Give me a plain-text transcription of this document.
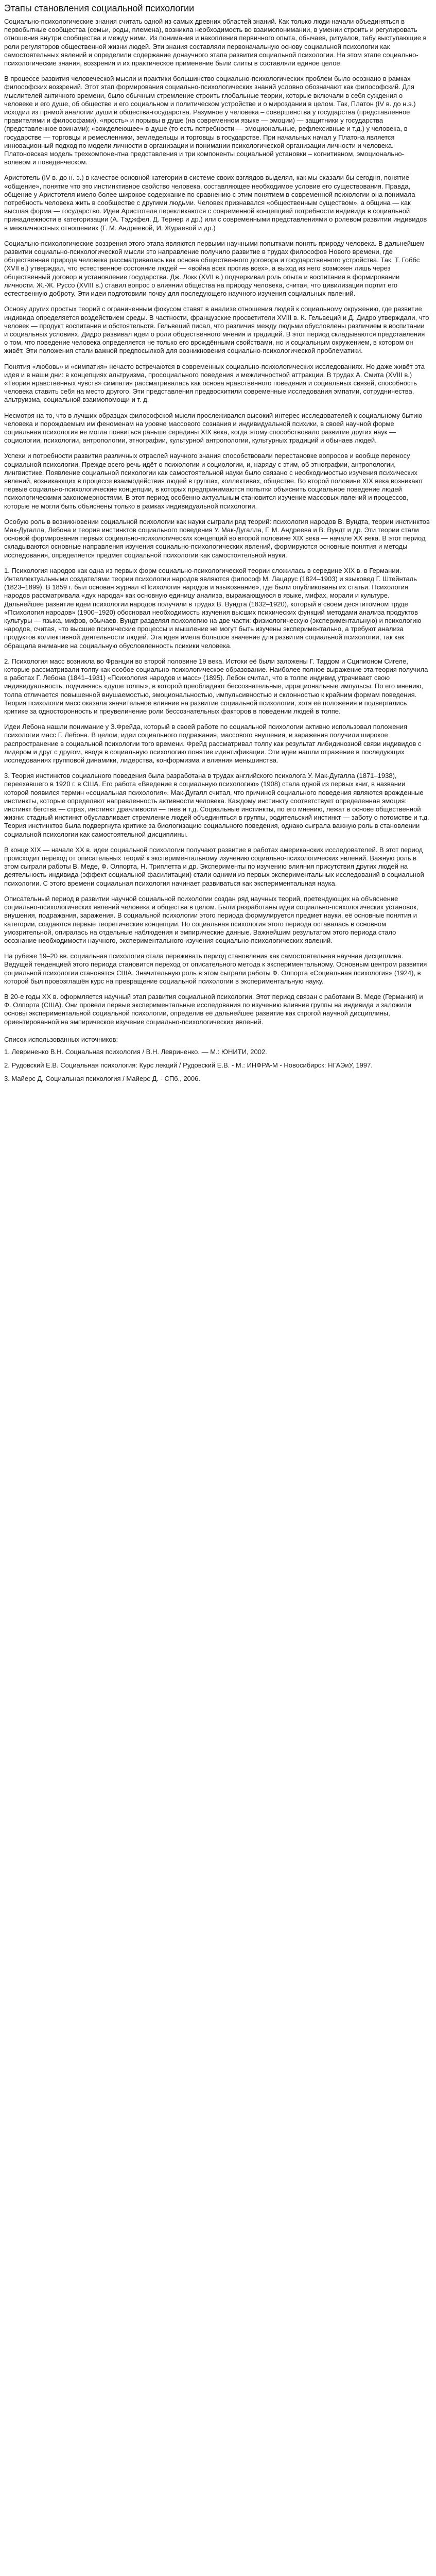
Этапы становления социальной психологии

Социально-психологические знания считать одной из самых древних областей знаний. Как только люди начали объединяться в первобытные сообщества (семьи, роды, племена), возникла необходимость во взаимопонимании, в умении строить и регулировать отношения внутри сообщества и между ними. Из понимания и накопления первичного опыта, обычаев, ритуалов, табу выступающие в роли регуляторов общественной жизни людей. Эти знания составляли первоначальную основу социальной психологии как самостоятельных явлений и определили содержание донаучного этапа развития социальной психологии. На этом этапе социально-психологические знания, воззрения и их практическое применение были слиты в составляли единое целое.

В процессе развития человеческой мысли и практики большинство социально-психологических проблем было осознано в рамках философских воззрений. Этот этап формирования социально-психологических знаний условно обозначают как философский. Для мыслителей античного времени, было обычным стремление строить глобальные теории, которые включали в себя суждения о человеке и его душе, об обществе и его социальном и политическом устройстве и о мироздании в целом. Так, Платон (IV в. до н.э.) исходил из прямой аналогии души и общества-государства. Разумное у человека – совершенства у государства (представленное правителями и философами), «ярость» и порывы в душе (на современном языке — эмоции) — защитники у государства (представленное воинами); «вожделеющее» в душе (то есть потребности — эмоциональные, рефлексивные и т.д.) у человека, в государстве — торговцы и ремесленники, земледельцы и торговцы в государстве. При начальных начал у Платона является инновационный подход по модели личности в организации и понимании психологической организации личности и человека. Платоновская модель трехкомпонентна представления и три компоненты социальной установки – когнитивном, эмоционально-волевом и поведенческом.

Аристотель (IV в. до н. э.) в качестве основной категории в системе своих взглядов выделял, как мы сказали бы сегодня, понятие «общение», понятие что это инстинктивное свойство человека, составляющее необходимое условие его существования. Правда, общение у Аристотеля имело более широкое содержание по сравнению с этим понятием в современной психологии она понимала потребность человека жить в сообществе с другими людьми. Человек признавался «общественным существом», а община — как высшая форма — государство. Идеи Аристотеля перекликаются с современной концепцией потребности индивида в социальной принадлежности в категоризации (А. Тэджфел, Д. Тернер и др.) или с современными представлениями о ролевом развитии индивидов в межличностных отношениях (Г. М. Андреевой, И. Жураевой и др.)

Социально-психологические воззрения этого этапа являются первыми научными попытками понять природу человека. В дальнейшем развитии социально-психологической мысли это направление получило развитие в трудах философов Нового времени, где общественная природа человека рассматривалась как основа общественного договора и государственного устройства. Так, Т. Гоббс (XVII в.) утверждал, что естественное состояние людей — «война всех против всех», а выход из него возможен лишь через общественный договор и установление государства. Дж. Локк (XVII в.) подчеркивал роль опыта и воспитания в формировании личности. Ж.-Ж. Руссо (XVIII в.) ставил вопрос о влиянии общества на природу человека, считая, что цивилизация портит его естественную доброту. Эти идеи подготовили почву для последующего научного изучения социальных явлений.

Основу других простых теорий с ограниченным фокусом ставят в анализе отношения людей к социальному окружению, где развитие индивида определяется воздействием среды. В частности, французские просветители XVIII в. К. Гельвеций и Д. Дидро утверждали, что человек — продукт воспитания и обстоятельств. Гельвеций писал, что различия между людьми обусловлены различием в воспитании и социальных условиях. Дидро развивал идеи о роли общественного мнения и традиций. В этот период складываются представления о том, что поведение человека определяется не только его врождёнными свойствами, но и социальным окружением, в котором он живёт. Эти положения стали важной предпосылкой для возникновения социально-психологической проблематики.

Понятия «любовь» и «симпатия» нечасто встречаются в современных социально-психологических исследованиях. Но даже живёт эта идея и в наши дни: в концепциях альтруизма, просоциального поведения и межличностной аттракции. В трудах А. Смита (XVIII в.) «Теория нравственных чувств» симпатия рассматривалась как основа нравственного поведения и социальных связей, способность человека ставить себя на место другого. Эти представления предвосхитили современные исследования эмпатии, сотрудничества, альтруизма, социальной взаимопомощи и т. д.

Несмотря на то, что в лучших образцах философской мысли прослеживался высокий интерес исследователей к социальному бытию человека и порождаемым им феноменам на уровне массового сознания и индивидуальной психики, в своей научной форме социальная психология не могла появиться раньше середины XIX века, когда этому способствовало развитие других наук — социологии, психологии, антропологии, этнографии, культурной антропологии, культурных традиций и обычаев людей.

Успехи и потребности развития различных отраслей научного знания способствовали перестановке вопросов и вообще переносу социальной психологии. Прежде всего речь идёт о психологии и социологии, и, наряду с этим, об этнографии, антропологии, лингвистике. Появление социальной психологии как самостоятельной науки было связано с необходимостью изучения психических явлений, возникающих в процессе взаимодействия людей в группах, коллективах, обществе. Во второй половине XIX века возникают первые социально-психологические концепции, в которых предпринимаются попытки объяснить социальное поведение людей психологическими закономерностями. В этот период особенно актуальным становится изучение массовых явлений и процессов, которые не могли быть объяснены только в рамках индивидуальной психологии.

Особую роль в возникновении социальной психологии как науки сыграли ряд теорий: психология народов В. Вундта, теории инстинктов Мак-Дугалла, Лебона и теория инстинктов социального поведения У. Мак-Дугалла, Г. М. Андреева и В. Вундт и др. Эти теории стали основой формирования первых социально-психологических концепций во второй половине XIX века — начале XX века. В этот период складываются основные направления изучения социально-психологических явлений, формируются основные понятия и методы исследования, определяется предмет социальной психологии как самостоятельной науки.

1. Психология народов как одна из первых форм социально-психологической теории сложилась в середине XIX в. в Германии. Интеллектуальными создателями теории психологии народов являются философ М. Лацарус (1824–1903) и языковед Г. Штейнталь (1823–1899). В 1859 г. был основан журнал «Психология народов и языкознание», где были опубликованы их статьи. Психология народов рассматривала «дух народа» как основную единицу анализа, выражающуюся в языке, мифах, морали и культуре. Дальнейшее развитие идеи психологии народов получили в трудах В. Вундта (1832–1920), который в своем десятитомном труде «Психология народов» (1900–1920) обосновал необходимость изучения высших психических функций методами анализа продуктов культуры — языка, мифов, обычаев. Вундт разделял психологию на две части: физиологическую (экспериментальную) и психологию народов, считая, что высшие психические процессы и мышление не могут быть изучены экспериментально, а требуют анализа продуктов коллективной деятельности людей. Эта идея имела большое значение для развития социальной психологии, так как обращала внимание на социальную обусловленность психики человека.

2. Психология масс возникла во Франции во второй половине 19 века. Истоки её были заложены Г. Тардом и Сципионом Сигеле, которые рассматривали толпу как особое социально-психологическое образование. Наиболее полное выражение эта теория получила в работах Г. Лебона (1841–1931) «Психология народов и масс» (1895). Лебон считал, что в толпе индивид утрачивает свою индивидуальность, подчиняясь «душе толпы», в которой преобладают бессознательные, иррациональные импульсы. По его мнению, толпа отличается повышенной внушаемостью, эмоциональностью, импульсивностью и склонностью к крайним формам поведения. Теория психологии масс оказала значительное влияние на развитие социальной психологии, хотя её положения и подвергались критике за односторонность и преувеличение роли бессознательных факторов в поведении людей в толпе.

Идеи Лебона нашли понимание у З.Фрейда, который в своей работе по социальной психологии активно использовал положения психологии масс Г. Лебона. В целом, идеи социального подражания, массового внушения, и заражения получили широкое распространение в социальной психологии того времени. Фрейд рассматривал толпу как результат либидинозной связи индивидов с лидером и друг с другом, вводя в социальную психологию понятие идентификации. Эти идеи нашли отражение в последующих исследованиях групповой динамики, лидерства, конформизма и влияния меньшинства.

3. Теория инстинктов социального поведения была разработана в трудах английского психолога У. Мак-Дугалла (1871–1938), переехавшего в 1920 г. в США. Его работа «Введение в социальную психологию» (1908) стала одной из первых книг, в названии которой появился термин «социальная психология». Мак-Дугалл считал, что причиной социального поведения являются врожденные инстинкты, которые определяют направленность активности человека. Каждому инстинкту соответствует определенная эмоция: инстинкт бегства — страх, инстинкт драчливости — гнев и т.д. Социальные инстинкты, по его мнению, лежат в основе общественной жизни: стадный инстинкт обуславливает стремление людей объединяться в группы, родительский инстинкт — заботу о потомстве и т.д. Теория инстинктов была подвергнута критике за биологизацию социального поведения, однако сыграла важную роль в становлении социальной психологии как самостоятельной дисциплины.

В конце XIX — начале XX в. идеи социальной психологии получают развитие в работах американских исследователей. В этот период происходит переход от описательных теорий к экспериментальному изучению социально-психологических явлений. Важную роль в этом сыграли работы В. Меде, Ф. Олпорта, Н. Триплетта и др. Эксперименты по изучению влияния присутствия других людей на деятельность индивида (эффект социальной фасилитации) стали одними из первых экспериментальных исследований в социальной психологии. С этого времени социальная психология начинает развиваться как экспериментальная наука.

Описательный период в развитии научной социальной психологии создан ряд научных теорий, претендующих на объяснение социально-психологических явлений человека и общества в целом. Были разработаны идеи социально-психологических установок, внушения, подражания, заражения. В социальной психологии этого периода формулируется предмет науки, её основные понятия и категории, создаются первые теоретические концепции. Но социальная психология этого периода оставалась в основном умозрительной, опиралась на отдельные наблюдения и эмпирические данные. Важнейшим результатом этого периода стало осознание необходимости научного, экспериментального изучения социально-психологических явлений.

На рубеже 19–20 вв. социальная психология стала переживать период становления как самостоятельная научная дисциплина. Ведущей тенденцией этого периода становится переход от описательного метода к экспериментальному. Основным центром развития социальной психологии становятся США. Значительную роль в этом сыграли работы Ф. Олпорта «Социальная психология» (1924), в которой был провозглашён курс на превращение социальной психологии в экспериментальную науку.

В 20-е годы ХХ в. оформляется научный этап развития социальной психологии. Этот период связан с работами В. Меде (Германия) и Ф. Олпорта (США). Они провели первые экспериментальные исследования по изучению влияния группы на индивида и заложили основы экспериментальной социальной психологии, определив её дальнейшее развитие как строгой научной дисциплины, ориентированной на эмпирическое изучение социально-психологических явлений.

Список использованных источников:
1. Левриненко В.Н. Социальная психология / В.Н. Левриненко. — М.: ЮНИТИ, 2002.
2. Рудовский Е.В. Социальная психология: Курс лекций / Рудовский Е.В. - М.: ИНФРА-М - Новосибирск: НГАЭиУ, 1997.
3. Майерс Д. Социальная психология / Майерс Д. - СПб., 2006.
